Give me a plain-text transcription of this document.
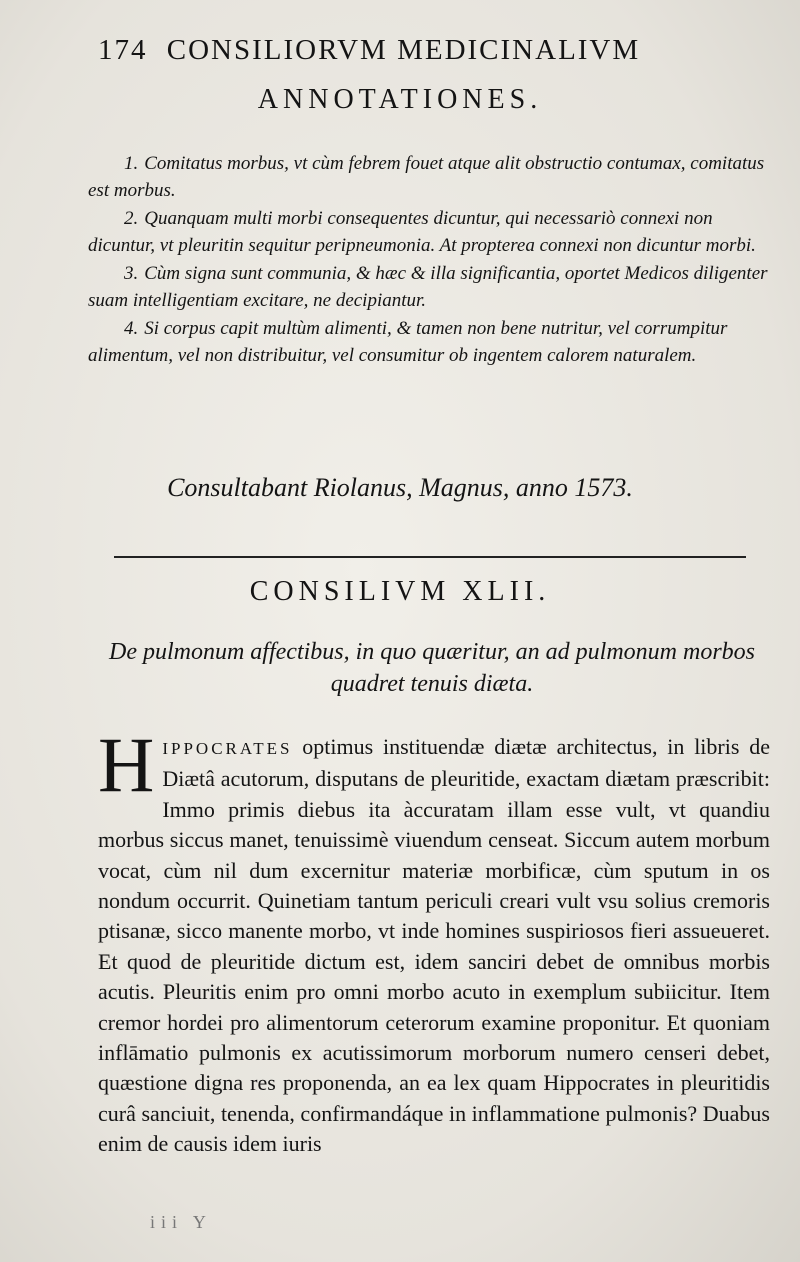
174 CONSILIORVM MEDICINALIVM
ANNOTATIONES.
1. Comitatus morbus, vt cùm febrem fouet atque alit obstructio contumax, comitatus est morbus.
2. Quanquam multi morbi consequentes dicuntur, qui necessariò connexi non dicuntur, vt pleuritin sequitur peripneumonia. At propterea connexi non dicuntur morbi.
3. Cùm signa sunt communia, & hæc & illa significantia, oportet Medicos diligenter suam intelligentiam excitare, ne decipiantur.
4. Si corpus capit multùm alimenti, & tamen non bene nutritur, vel corrumpitur alimentum, vel non distribuitur, vel consumitur ob ingentem calorem naturalem.
Consultabant Riolanus, Magnus, anno 1573.
CONSILIVM XLII.
De pulmonum affectibus, in quo quæritur, an ad pulmonum morbos quadret tenuis diæta.
HIPPOCRATES optimus instituendæ diætæ architectus, in libris de Diætâ acutorum, disputans de pleuritide, exactam diætam præscribit: Immo primis diebus ita àccuratam illam esse vult, vt quandiu morbus siccus manet, tenuissimè viuendum censeat. Siccum autem morbum vocat, cùm nil dum excernitur materiæ morbificæ, cùm sputum in os nondum occurrit. Quinetiam tantum periculi creari vult vsu solius cremoris ptisanæ, sicco manente morbo, vt inde homines suspiriosos fieri assueueret. Et quod de pleuritide dictum est, idem sanciri debet de omnibus morbis acutis. Pleuritis enim pro omni morbo acuto in exemplum subiicitur. Item cremor hordei pro alimentorum ceterorum examine proponitur. Et quoniam inflāmatio pulmonis ex acutissimorum morborum numero censeri debet, quæstione digna res proponenda, an ea lex quam Hippocrates in pleuritidis curâ sanciuit, tenenda, confirmandáque in inflammatione pulmonis? Duabus enim de causis idem iuris
iii Y
